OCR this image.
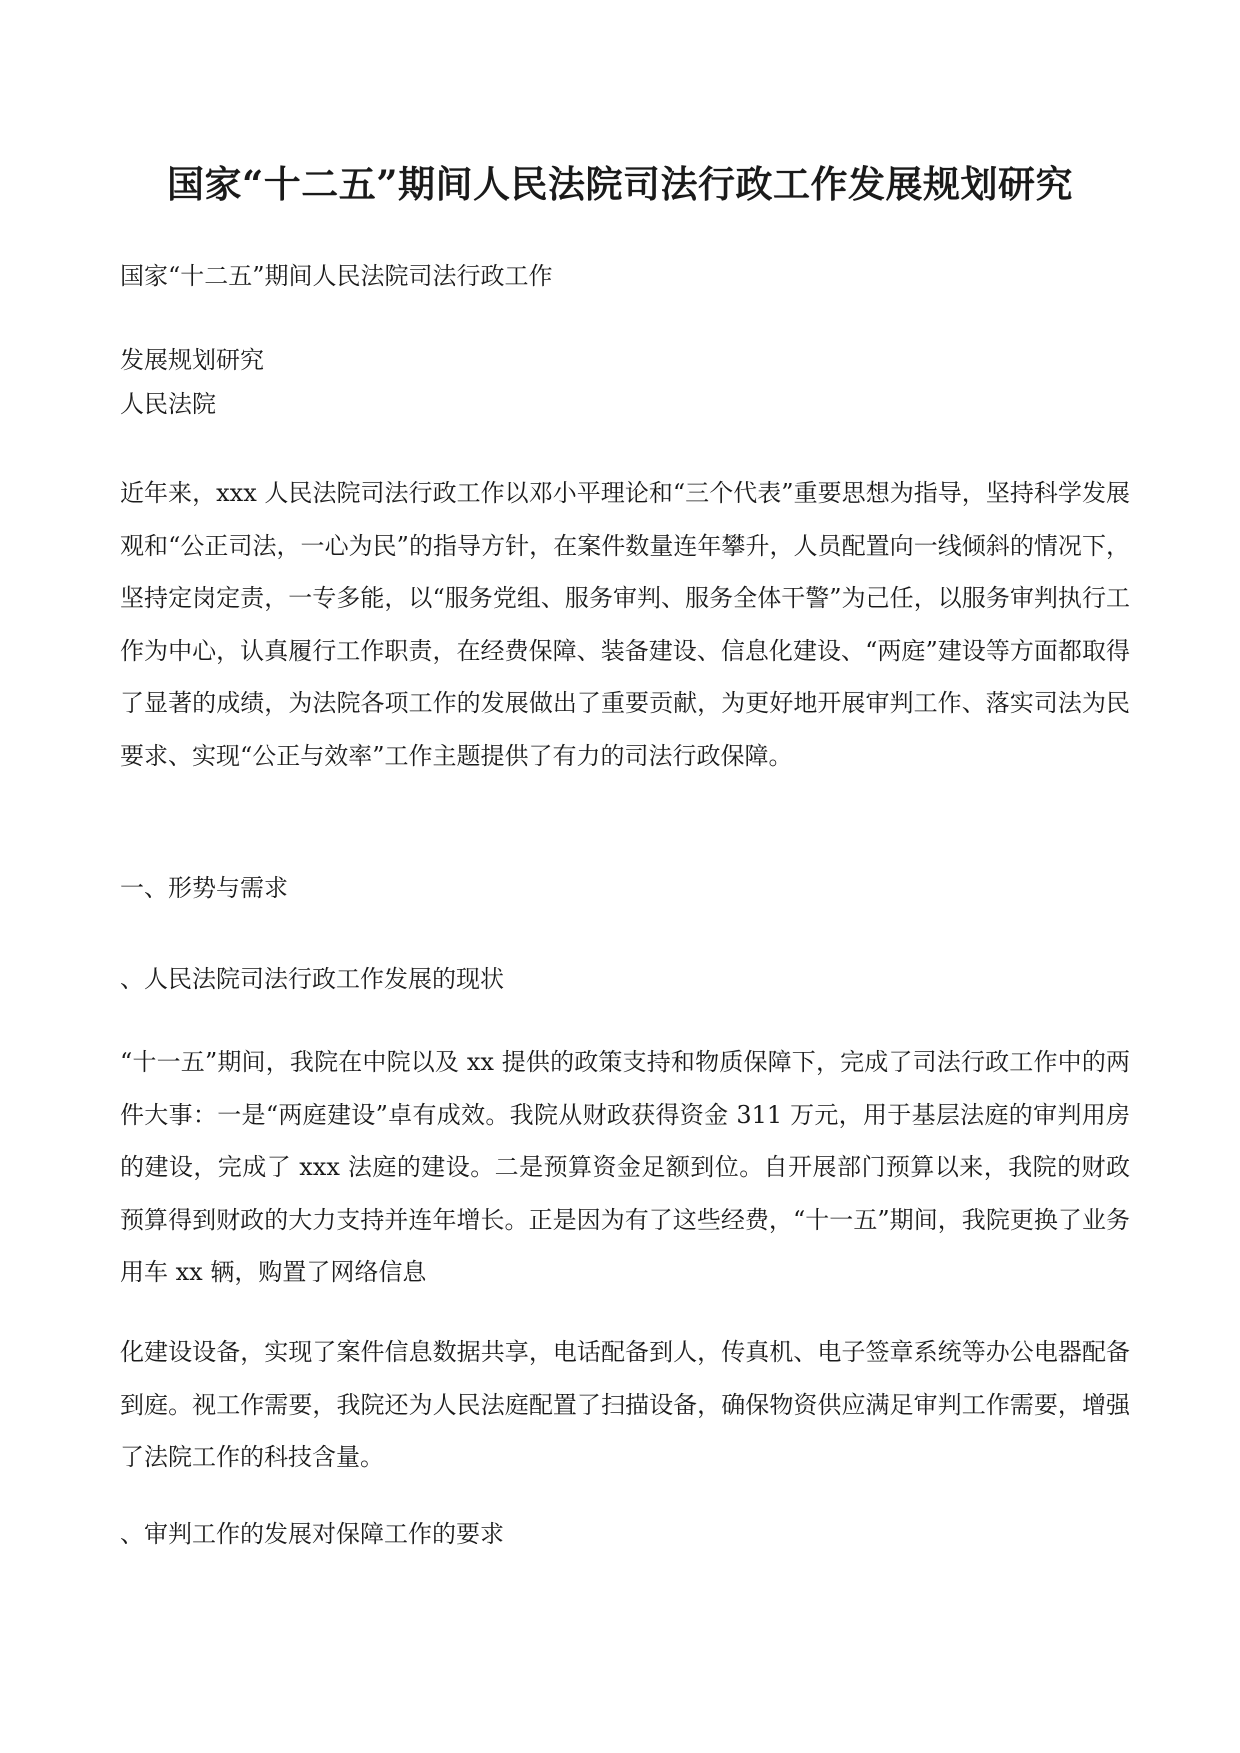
国家“十二五”期间人民法院司法行政工作发展规划研究

国家“十二五”期间人民法院司法行政工作

发展规划研究

人民法院

近年来，xxx 人民法院司法行政工作以邓小平理论和“三个代表”重要思想为指导，坚持科学发展观和“公正司法，一心为民”的指导方针，在案件数量连年攀升，人员配置向一线倾斜的情况下，坚持定岗定责，一专多能，以“服务党组、服务审判、服务全体干警”为己任，以服务审判执行工作为中心，认真履行工作职责，在经费保障、装备建设、信息化建设、“两庭”建设等方面都取得了显著的成绩，为法院各项工作的发展做出了重要贡献，为更好地开展审判工作、落实司法为民要求、实现“公正与效率”工作主题提供了有力的司法行政保障。

一、形势与需求

、人民法院司法行政工作发展的现状

“十一五”期间，我院在中院以及 xx 提供的政策支持和物质保障下，完成了司法行政工作中的两件大事：一是“两庭建设”卓有成效。我院从财政获得资金 311 万元，用于基层法庭的审判用房的建设，完成了 xxx 法庭的建设。二是预算资金足额到位。自开展部门预算以来，我院的财政预算得到财政的大力支持并连年增长。正是因为有了这些经费，“十一五”期间，我院更换了业务用车 xx 辆，购置了网络信息

化建设设备，实现了案件信息数据共享，电话配备到人，传真机、电子签章系统等办公电器配备到庭。视工作需要，我院还为人民法庭配置了扫描设备，确保物资供应满足审判工作需要，增强了法院工作的科技含量。

、审判工作的发展对保障工作的要求
